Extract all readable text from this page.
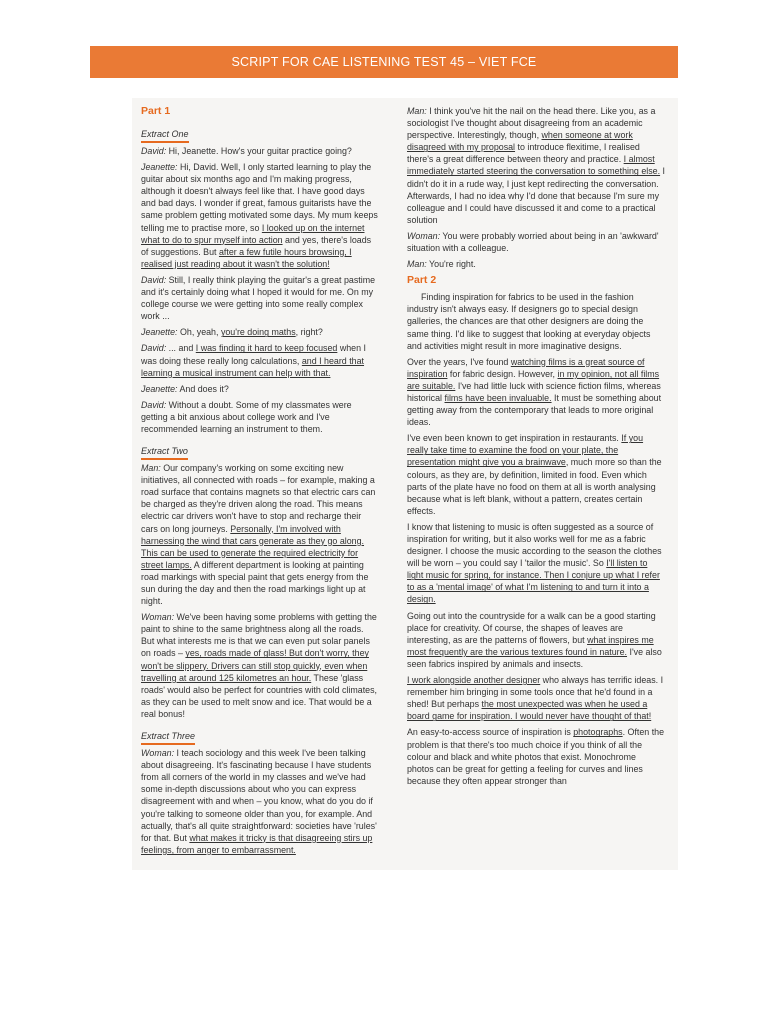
SCRIPT FOR CAE LISTENING TEST 45 – VIET FCE
Part 1
Extract One

David: Hi, Jeanette. How's your guitar practice going?

Jeanette: Hi, David. Well, I only started learning to play the guitar about six months ago and I'm making progress, although it doesn't always feel like that. I have good days and bad days. I wonder if great, famous guitarists have the same problem getting motivated some days. My mum keeps telling me to practise more, so I looked up on the internet what to do to spur myself into action and yes, there's loads of suggestions. But after a few futile hours browsing, I realised just reading about it wasn't the solution!

David: Still, I really think playing the guitar's a great pastime and it's certainly doing what I hoped it would for me. On my college course we were getting into some really complex work ...

Jeanette: Oh, yeah, you're doing maths, right?

David: ... and I was finding it hard to keep focused when I was doing these really long calculations, and I heard that learning a musical instrument can help with that.

Jeanette: And does it?

David: Without a doubt. Some of my classmates were getting a bit anxious about college work and I've recommended learning an instrument to them.

Extract Two

Man: Our company's working on some exciting new initiatives, all connected with roads – for example, making a road surface that contains magnets so that electric cars can be charged as they're driven along the road. This means electric car drivers won't have to stop and recharge their cars on long journeys. Personally, I'm involved with harnessing the wind that cars generate as they go along. This can be used to generate the required electricity for street lamps. A different department is looking at painting road markings with special paint that gets energy from the sun during the day and then the road markings light up at night.

Woman: We've been having some problems with getting the paint to shine to the same brightness along all the roads. But what interests me is that we can even put solar panels on roads – yes, roads made of glass! But don't worry, they won't be slippery. Drivers can still stop quickly, even when travelling at around 125 kilometres an hour. These 'glass roads' would also be perfect for countries with cold climates, as they can be used to melt snow and ice. That would be a real bonus!

Extract Three

Woman: I teach sociology and this week I've been talking about disagreeing. It's fascinating because I have students from all corners of the world in my classes and we've had some in-depth discussions about who you can express disagreement with and when – you know, what do you do if you're talking to someone older than you, for example. And actually, that's all quite straightforward: societies have 'rules' for that. But what makes it tricky is that disagreeing stirs up feelings, from anger to embarrassment.

Man: I think you've hit the nail on the head there. Like you, as a sociologist I've thought about disagreeing from an academic perspective. Interestingly, though, when someone at work disagreed with my proposal to introduce flexitime, I realised there's a great difference between theory and practice. I almost immediately started steering the conversation to something else. I didn't do it in a rude way, I just kept redirecting the conversation. Afterwards, I had no idea why I'd done that because I'm sure my colleague and I could have discussed it and come to a practical solution

Woman: You were probably worried about being in an 'awkward' situation with a colleague.

Man: You're right.

Part 2

Finding inspiration for fabrics to be used in the fashion industry isn't always easy. If designers go to special design galleries, the chances are that other designers are doing the same thing. I'd like to suggest that looking at everyday objects and activities might result in more imaginative designs.

Over the years, I've found watching films is a great source of inspiration for fabric design. However, in my opinion, not all films are suitable. I've had little luck with science fiction films, whereas historical films have been invaluable. It must be something about getting away from the contemporary that leads to more original ideas.

I've even been known to get inspiration in restaurants. If you really take time to examine the food on your plate, the presentation might give you a brainwave, much more so than the colours, as they are, by definition, limited in food. Even which parts of the plate have no food on them at all is worth analysing because what is left blank, without a pattern, creates certain effects.

I know that listening to music is often suggested as a source of inspiration for writing, but it also works well for me as a fabric designer. I choose the music according to the season the clothes will be worn – you could say I 'tailor the music'. So I'll listen to light music for spring, for instance. Then I conjure up what I refer to as a 'mental image' of what I'm listening to and turn it into a design.

Going out into the countryside for a walk can be a good starting place for creativity. Of course, the shapes of leaves are interesting, as are the patterns of flowers, but what inspires me most frequently are the various textures found in nature. I've also seen fabrics inspired by animals and insects.

I work alongside another designer who always has terrific ideas. I remember him bringing in some tools once that he'd found in a shed! But perhaps the most unexpected was when he used a board game for inspiration. I would never have thought of that!

An easy-to-access source of inspiration is photographs. Often the problem is that there's too much choice if you think of all the colour and black and white photos that exist. Monochrome photos can be great for getting a feeling for curves and lines because they often appear stronger than
